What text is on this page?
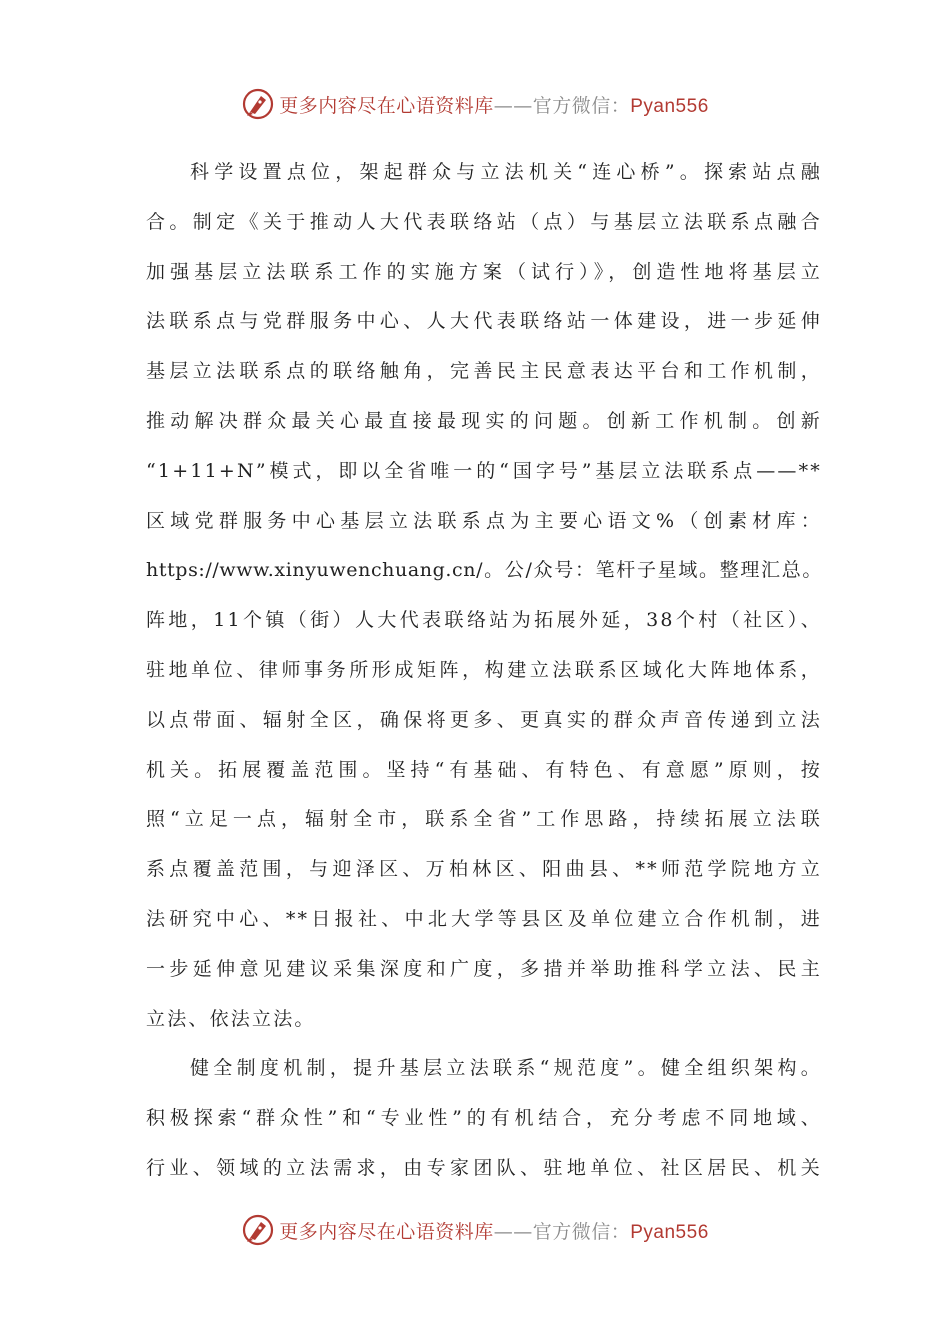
更多内容尽在心语资料库——官方微信：Pyan556
科学设置点位，架起群众与立法机关“连心桥”。探索站点融
合。制定《关于推动人大代表联络站（点）与基层立法联系点融合
加强基层立法联系工作的实施方案（试行）》，创造性地将基层立
法联系点与党群服务中心、人大代表联络站一体建设，进一步延伸
基层立法联系点的联络触角，完善民主民意表达平台和工作机制，
推动解决群众最关心最直接最现实的问题。创新工作机制。创新
“1+11+N”模式，即以全省唯一的“国字号”基层立法联系点——**
区域党群服务中心基层立法联系点为主要心语文%（创素材库：
https://www.xinyuwenchuang.cn/。公/众号：笔杆子星域。整理汇总。
阵地，11个镇（街）人大代表联络站为拓展外延，38个村（社区）、
驻地单位、律师事务所形成矩阵，构建立法联系区域化大阵地体系，
以点带面、辐射全区，确保将更多、更真实的群众声音传递到立法
机关。拓展覆盖范围。坚持“有基础、有特色、有意愿”原则，按
照“立足一点，辐射全市，联系全省”工作思路，持续拓展立法联
系点覆盖范围，与迎泽区、万柏林区、阳曲县、**师范学院地方立
法研究中心、**日报社、中北大学等县区及单位建立合作机制，进
一步延伸意见建议采集深度和广度，多措并举助推科学立法、民主
立法、依法立法。
健全制度机制，提升基层立法联系“规范度”。健全组织架构。
积极探索“群众性”和“专业性”的有机结合，充分考虑不同地域、
行业、领域的立法需求，由专家团队、驻地单位、社区居民、机关
更多内容尽在心语资料库——官方微信：Pyan556
